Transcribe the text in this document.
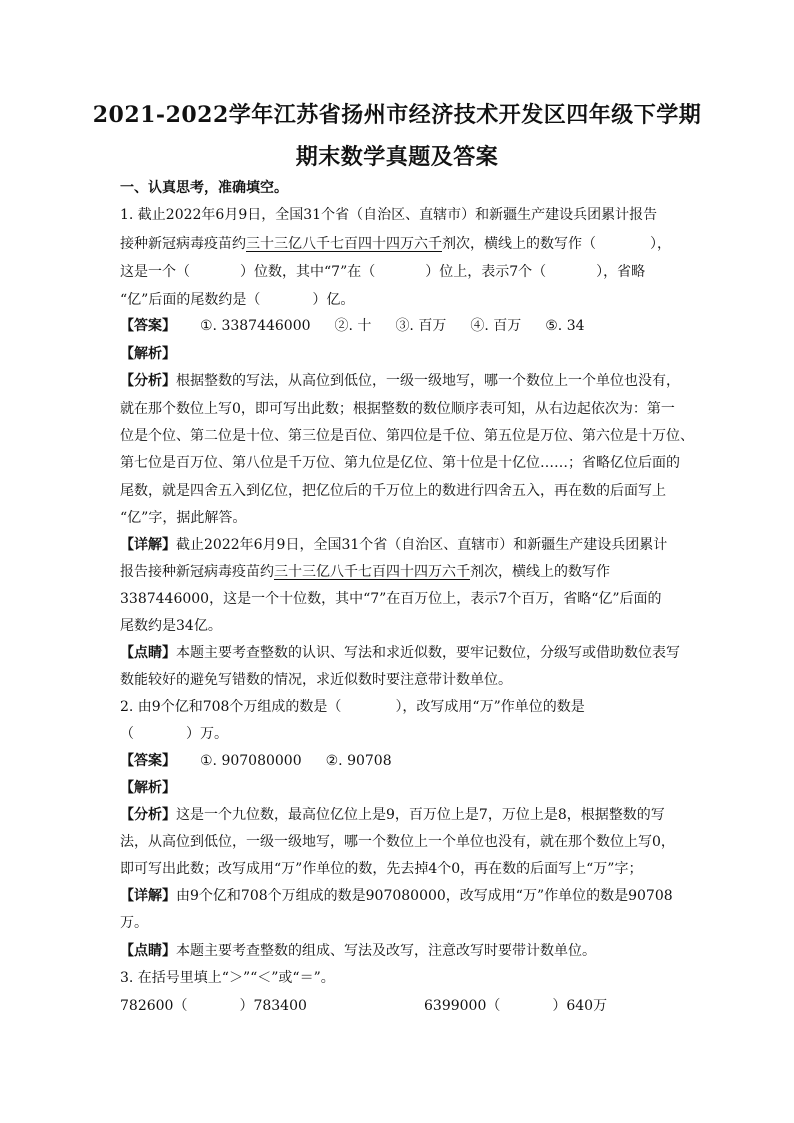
2021-2022学年江苏省扬州市经济技术开发区四年级下学期
期末数学真题及答案
一、认真思考，准确填空。
1. 截止2022年6月9日，全国31个省（自治区、直辖市）和新疆生产建设兵团累计报告
接种新冠病毒疫苗约三十三亿八千七百四十四万六千剂次，横线上的数写作（	），
这是一个（	）位数，其中“7”在（	）位上，表示7个（	），省略
“亿”后面的尾数约是（	）亿。
【答案】 ①. 3387446000 ②. 十 ③. 百万 ④. 百万 ⑤. 34
【解析】
【分析】根据整数的写法，从高位到低位，一级一级地写，哪一个数位上一个单位也没有，
就在那个数位上写0，即可写出此数；根据整数的数位顺序表可知，从右边起依次为：第一
位是个位、第二位是十位、第三位是百位、第四位是千位、第五位是万位、第六位是十万位、
第七位是百万位、第八位是千万位、第九位是亿位、第十位是十亿位……；省略亿位后面的
尾数，就是四舍五入到亿位，把亿位后的千万位上的数进行四舍五入，再在数的后面写上
“亿”字，据此解答。
【详解】截止2022年6月9日，全国31个省（自治区、直辖市）和新疆生产建设兵团累计
报告接种新冠病毒疫苗约三十三亿八千七百四十四万六千剂次，横线上的数写作
3387446000，这是一个十位数，其中“7”在百万位上，表示7个百万，省略“亿”后面的
尾数约是34亿。
【点睛】本题主要考查整数的认识、写法和求近似数，要牢记数位，分级写或借助数位表写
数能较好的避免写错数的情况，求近似数时要注意带计数单位。
2. 由9个亿和708个万组成的数是（	），改写成用“万”作单位的数是
（	）万。
【答案】 ①. 907080000 ②. 90708
【解析】
【分析】这是一个九位数，最高位亿位上是9，百万位上是7，万位上是8，根据整数的写
法，从高位到低位，一级一级地写，哪一个数位上一个单位也没有，就在那个数位上写0，
即可写出此数；改写成用“万”作单位的数，先去掉4个0，再在数的后面写上“万”字；
【详解】由9个亿和708个万组成的数是907080000，改写成用“万”作单位的数是90708
万。
【点睛】本题主要考查整数的组成、写法及改写，注意改写时要带计数单位。
3. 在括号里填上“＞”“＜”或“＝”。
782600（	）783400	6399000（	）640万
